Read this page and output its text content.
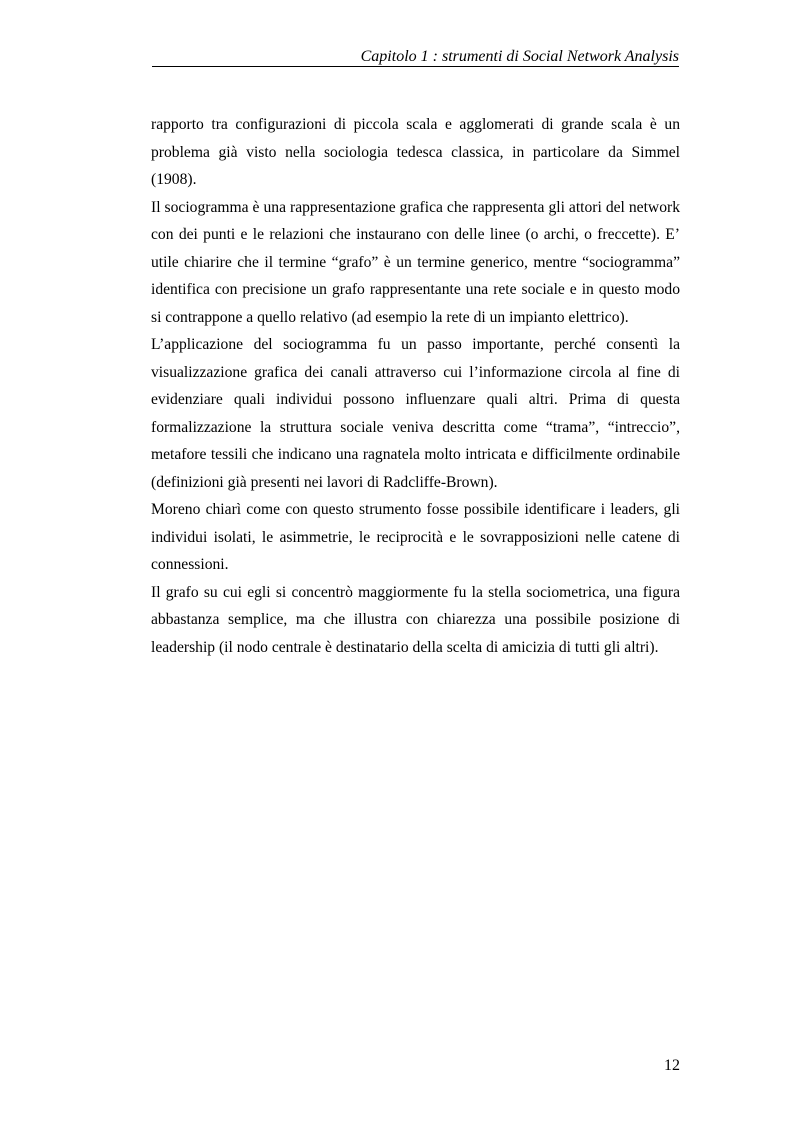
Capitolo 1 : strumenti di Social Network Analysis

rapporto tra configurazioni di piccola scala e agglomerati di grande scala è un problema già visto nella sociologia tedesca classica, in particolare da Simmel (1908).

Il sociogramma è una rappresentazione grafica che rappresenta gli attori del network con dei punti e le relazioni che instaurano con delle linee (o archi, o freccette). E’ utile chiarire che il termine “grafo” è un termine generico, mentre “sociogramma” identifica con precisione un grafo rappresentante una rete sociale e in questo modo si contrappone a quello relativo (ad esempio la rete di un impianto elettrico).

L’applicazione del sociogramma fu un passo importante, perché consentì la visualizzazione grafica dei canali attraverso cui l’informazione circola al fine di evidenziare quali individui possono influenzare quali altri. Prima di questa formalizzazione la struttura sociale veniva descritta come “trama”, “intreccio”, metafore tessili che indicano una ragnatela molto intricata e difficilmente ordinabile (definizioni già presenti nei lavori di Radcliffe-Brown).

Moreno chiarì come con questo strumento fosse possibile identificare i leaders, gli individui isolati, le asimmetrie, le reciprocità e le sovrapposizioni nelle catene di connessioni.

Il grafo su cui egli si concentrò maggiormente fu la stella sociometrica, una figura abbastanza semplice, ma che illustra con chiarezza una possibile posizione di leadership (il nodo centrale è destinatario della scelta di amicizia di tutti gli altri).

12
